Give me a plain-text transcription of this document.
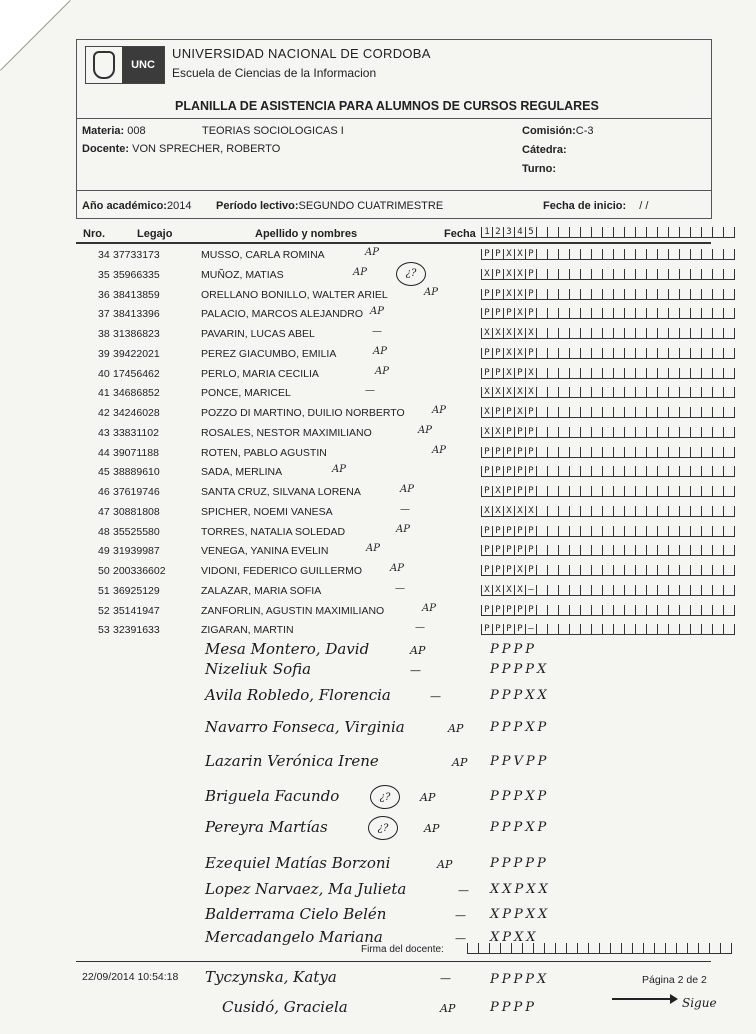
UNC
UNIVERSIDAD NACIONAL DE CORDOBA
Escuela de Ciencias de la Informacion
PLANILLA DE ASISTENCIA PARA ALUMNOS DE CURSOS REGULARES
Materia: 008	TEORIAS SOCIOLOGICAS I	Comisión:C-3
Docente: VON SPRECHER, ROBERTO	Cátedra:
Turno:
Año académico:2014 Período lectivo:SEGUNDO CUATRIMESTRE	Fecha de inicio: / /
Nro.	Legajo	Apellido y nombres	Fecha 1 2 3 4 5
34 37733173	MUSSO, CARLA ROMINA	AP	P P X X P
35 35966335	MUÑOZ, MATIAS	AP	¿?	X P X X P
36 38413859	ORELLANO BONILLO, WALTER ARIEL	AP	P P X X P
37 38413396	PALACIO, MARCOS ALEJANDRO AP	P P P X P
38 31386823	PAVARIN, LUCAS ABEL	—	X X X X X
39 39422021	PEREZ GIACUMBO, EMILIA	AP	P P X X P
40 17456462	PERLO, MARIA CECILIA	AP	P P X P X
41 34686852	PONCE, MARICEL	—	X X X X X
42 34246028	POZZO DI MARTINO, DUILIO NORBERTO	AP	X P P X P
43 33831102	ROSALES, NESTOR MAXIMILIANO	AP	X X P P P
44 39071188	ROTEN, PABLO AGUSTIN	AP	P P P P P
45 38889610	SADA, MERLINA	AP	P P P P P
46 37619746	SANTA CRUZ, SILVANA LORENA	AP	P X P P P
47 30881808	SPICHER, NOEMI VANESA	—	X X X X X
48 35525580	TORRES, NATALIA SOLEDAD	AP	P P P P P
49 31939987	VENEGA, YANINA EVELIN	AP	P P P P P
50 200336602	VIDONI, FEDERICO GUILLERMO	AP	P P P X P
51 36925129	ZALAZAR, MARIA SOFIA	—	X X X X —
52 35141947	ZANFORLIN, AGUSTIN MAXIMILIANO	AP	P P P P P
53 32391633	ZIGARAN, MARTIN	—	P P P P —
Mesa Montero, David	AP	PPPP
Nizeliuk Sofia	—	PPPPX
Avila Robledo, Florencia	—	PPPXX
Navarro Fonseca, Virginia	AP PPPXP
Lazarin Verónica Irene	AP PPVPP
Briguela Facundo	AP	PPPXP
¿?
Pereyra Martías	AP	PPPXP
¿?
Ezequiel Matías Borzoni	AP	PPPPP
Lopez Narvaez, Ma Julieta	— XXPXX
Balderrama Cielo Belén	— XPPXX
Mercadangelo Mariana	— XPXX
Firma del docente:
22/09/2014 10:54:18	Página 2 de 2
Tyczynska, Katya	—	PPPPX
Cusidó, Graciela	AP	PPPP	Sigue
